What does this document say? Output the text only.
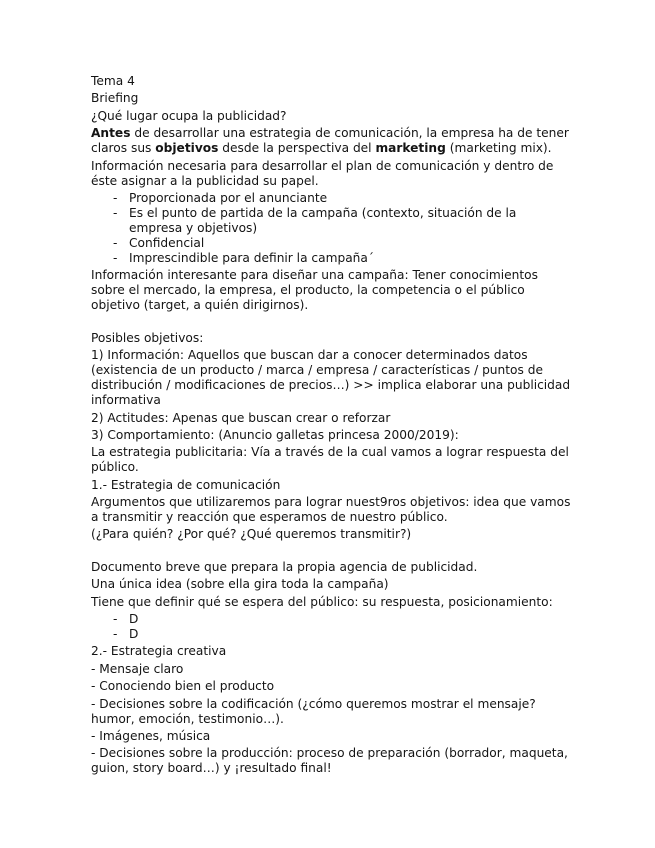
Tema 4

Briefing

¿Qué lugar ocupa la publicidad?

Antes de desarrollar una estrategia de comunicación, la empresa ha de tener claros sus objetivos desde la perspectiva del marketing (marketing mix).

Información necesaria para desarrollar el plan de comunicación y dentro de éste asignar a la publicidad su papel.

- Proporcionada por el anunciante
- Es el punto de partida de la campaña (contexto, situación de la empresa y objetivos)
- Confidencial
- Imprescindible para definir la campaña´

Información interesante para diseñar una campaña: Tener conocimientos sobre el mercado, la empresa, el producto, la competencia o el público objetivo (target, a quién dirigirnos).

Posibles objetivos:

1) Información: Aquellos que buscan dar a conocer determinados datos (existencia de un producto / marca / empresa / características / puntos de distribución / modificaciones de precios…) >> implica elaborar una publicidad informativa

2) Actitudes: Apenas que buscan crear o reforzar

3) Comportamiento: (Anuncio galletas princesa 2000/2019):

La estrategia publicitaria: Vía a través de la cual vamos a lograr respuesta del público.

1.- Estrategia de comunicación

Argumentos que utilizaremos para lograr nuest9ros objetivos: idea que vamos a transmitir y reacción que esperamos de nuestro público.

(¿Para quién? ¿Por qué? ¿Qué queremos transmitir?)

Documento breve que prepara la propia agencia de publicidad.

Una única idea (sobre ella gira toda la campaña)

Tiene que definir qué se espera del público: su respuesta, posicionamiento:

- D
- D

2.- Estrategia creativa

- Mensaje claro

- Conociendo bien el producto

- Decisiones sobre la codificación (¿cómo queremos mostrar el mensaje? humor, emoción, testimonio…).

- Imágenes, música

- Decisiones sobre la producción: proceso de preparación (borrador, maqueta, guion, story board…) y ¡resultado final!
